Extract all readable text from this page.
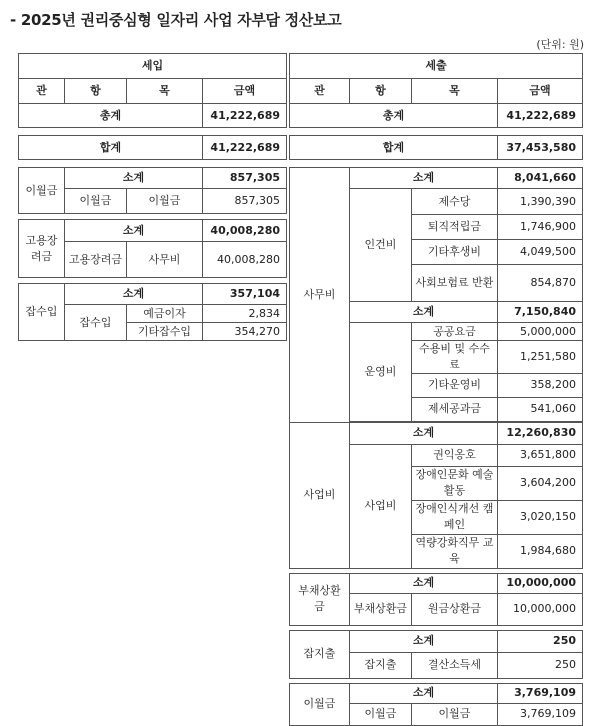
- 2025년 권리중심형 일자리 사업 자부담 정산보고
(단위: 원)
세입			
관	항	목	금액
총계			41,222,689

합계			41,222,689

이월금	소계		857,305
	이월금	이월금	857,305

고용장려금	소계		40,008,280
	고용장려금	사무비	40,008,280

잡수입	소계		357,104
	잡수입	예금이자	2,834
		기타잡수입	354,270
세출			
관	항	목	금액
총계			41,222,689

합계			37,453,580

사무비	소계		8,041,660
	인건비	제수당	1,390,390
		퇴직적립금	1,746,900
		기타후생비	4,049,500
		사회보험료 반환	854,870
	소계		7,150,840
	운영비	공공요금	5,000,000
		수용비 및 수수료	1,251,580
		기타운영비	358,200
		제세공과금	541,060

사업비	소계		12,260,830
	사업비	권익옹호	3,651,800
		장애인문화 예술활동	3,604,200
		장애인식개선 캠페인	3,020,150
		역량강화직무 교육	1,984,680

부채상환금	소계		10,000,000
	부채상환금	원금상환금	10,000,000

잡지출	소계		250
	잡지출	결산소득세	250

이월금	소계		3,769,109
	이월금	이월금	3,769,109
